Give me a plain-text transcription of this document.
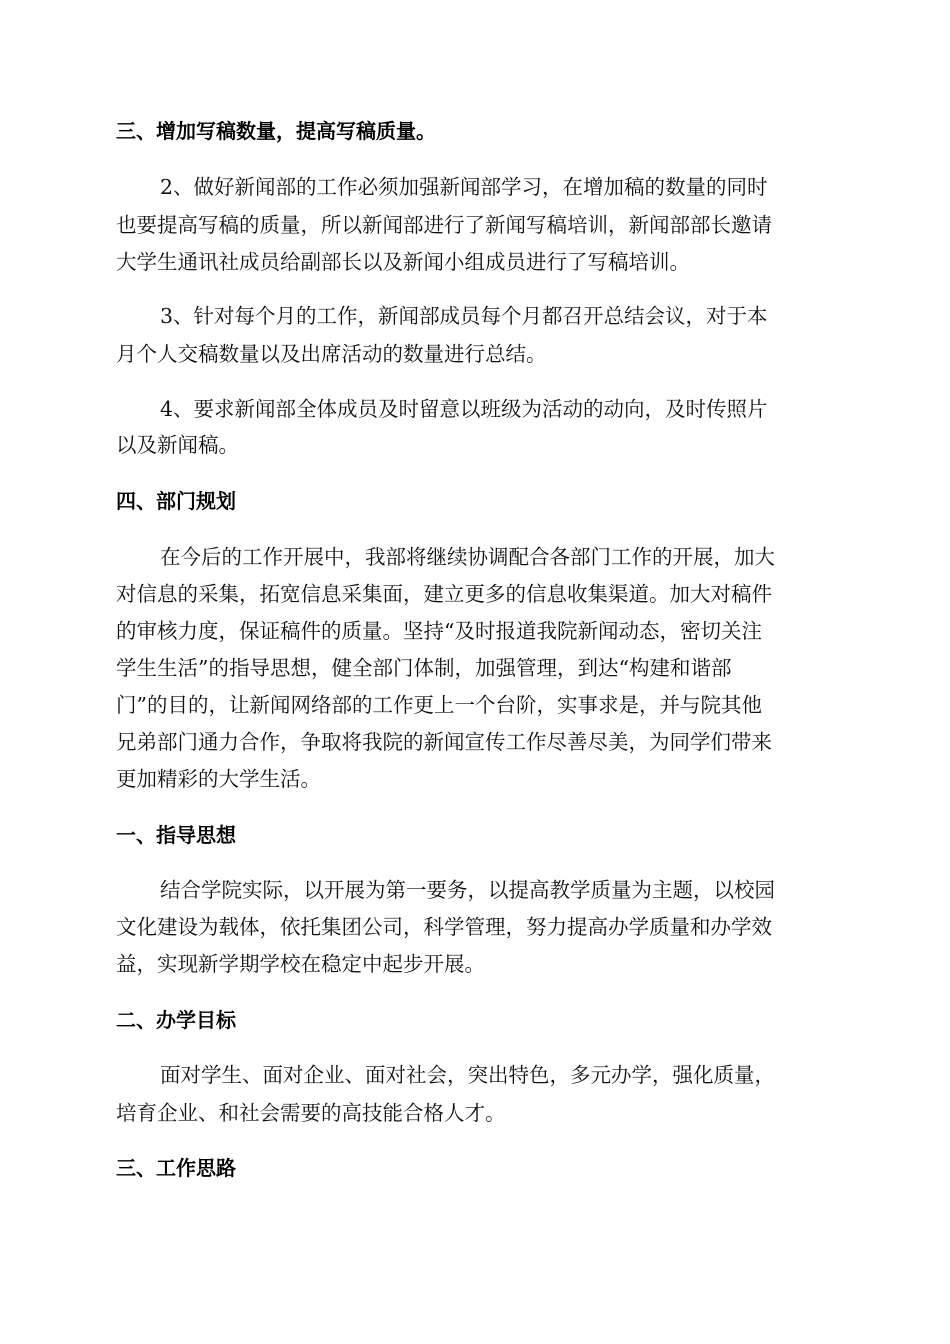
三、增加写稿数量，提高写稿质量。
2、做好新闻部的工作必须加强新闻部学习，在增加稿的数量的同时
也要提高写稿的质量，所以新闻部进行了新闻写稿培训，新闻部部长邀请
大学生通讯社成员给副部长以及新闻小组成员进行了写稿培训。
3、针对每个月的工作，新闻部成员每个月都召开总结会议，对于本
月个人交稿数量以及出席活动的数量进行总结。
4、要求新闻部全体成员及时留意以班级为活动的动向，及时传照片
以及新闻稿。
四、部门规划
在今后的工作开展中，我部将继续协调配合各部门工作的开展，加大
对信息的采集，拓宽信息采集面，建立更多的信息收集渠道。加大对稿件
的审核力度，保证稿件的质量。坚持“及时报道我院新闻动态，密切关注
学生生活”的指导思想，健全部门体制，加强管理，到达“构建和谐部
门”的目的，让新闻网络部的工作更上一个台阶，实事求是，并与院其他
兄弟部门通力合作，争取将我院的新闻宣传工作尽善尽美，为同学们带来
更加精彩的大学生活。
一、指导思想
结合学院实际，以开展为第一要务，以提高教学质量为主题，以校园
文化建设为载体，依托集团公司，科学管理，努力提高办学质量和办学效
益，实现新学期学校在稳定中起步开展。
二、办学目标
面对学生、面对企业、面对社会，突出特色，多元办学，强化质量，
培育企业、和社会需要的高技能合格人才。
三、工作思路
